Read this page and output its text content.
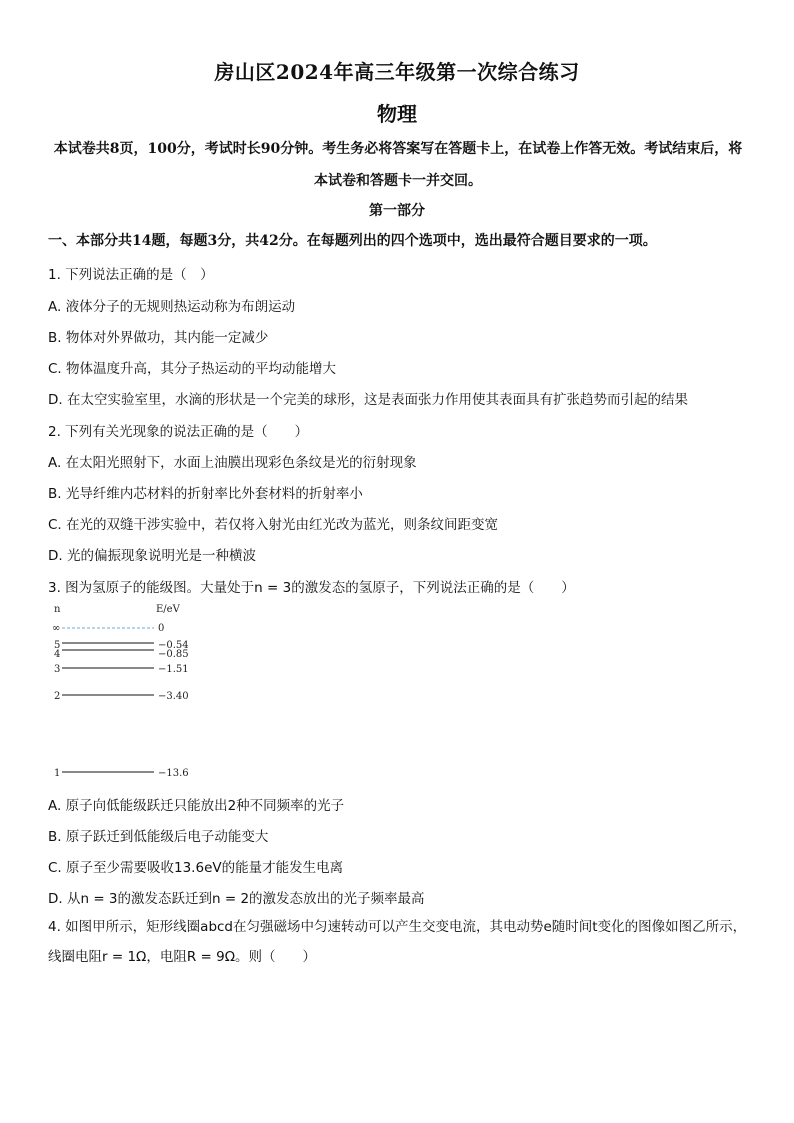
房山区2024年高三年级第一次综合练习
物理
本试卷共8页，100分，考试时长90分钟。考生务必将答案写在答题卡上，在试卷上作答无效。考试结束后，将本试卷和答题卡一并交回。
第一部分
一、本部分共14题，每题3分，共42分。在每题列出的四个选项中，选出最符合题目要求的一项。
1. 下列说法正确的是（　）
A. 液体分子的无规则热运动称为布朗运动
B. 物体对外界做功，其内能一定减少
C. 物体温度升高，其分子热运动的平均动能增大
D. 在太空实验室里，水滴的形状是一个完美的球形，这是表面张力作用使其表面具有扩张趋势而引起的结果
2. 下列有关光现象的说法正确的是（　　）
A. 在太阳光照射下，水面上油膜出现彩色条纹是光的衍射现象
B. 光导纤维内芯材料的折射率比外套材料的折射率小
C. 在光的双缝干涉实验中，若仅将入射光由红光改为蓝光，则条纹间距变宽
D. 光的偏振现象说明光是一种横波
3. 图为氢原子的能级图。大量处于n = 3的激发态的氢原子，下列说法正确的是（　　）
n	E/eV
∞	0
5	−0.54
4	−0.85
3	−1.51
2	−3.40
1	−13.6
A. 原子向低能级跃迁只能放出2种不同频率的光子
B. 原子跃迁到低能级后电子动能变大
C. 原子至少需要吸收13.6eV的能量才能发生电离
D. 从n = 3的激发态跃迁到n = 2的激发态放出的光子频率最高
4. 如图甲所示，矩形线圈abcd在匀强磁场中匀速转动可以产生交变电流，其电动势e随时间t变化的图像如图乙所示，线圈电阻r = 1Ω，电阻R = 9Ω。则（　　）
